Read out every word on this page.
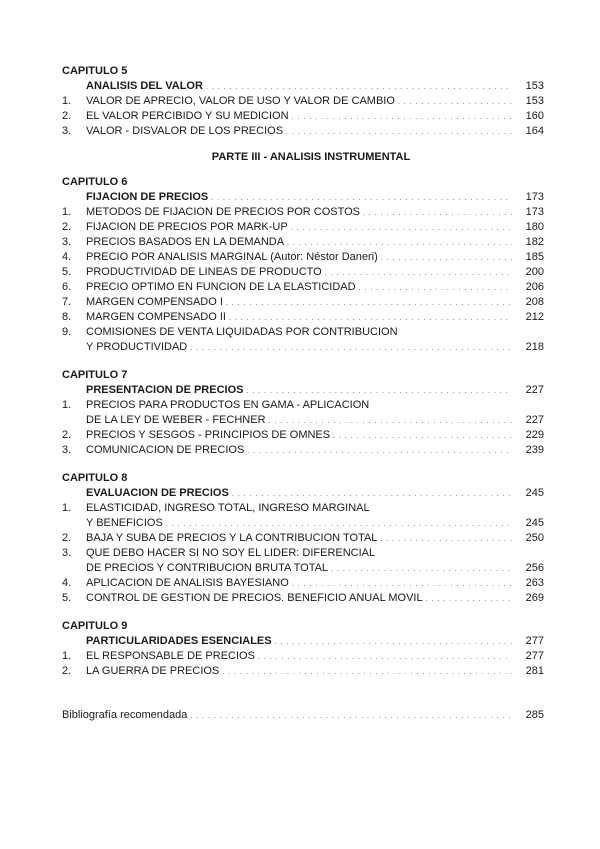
CAPITULO 5
ANALISIS DEL VALOR . . .	153
1.	VALOR DE APRECIO, VALOR DE USO Y VALOR DE CAMBIO . . .	153
2.	EL VALOR PERCIBIDO Y SU MEDICION . . .	160
3.	VALOR - DISVALOR DE LOS PRECIOS . . .	164
PARTE III - ANALISIS INSTRUMENTAL
CAPITULO 6
FIJACION DE PRECIOS . . .	173
1.	METODOS DE FIJACION DE PRECIOS POR COSTOS . . .	173
2.	FIJACION DE PRECIOS POR MARK-UP . . .	180
3.	PRECIOS BASADOS EN LA DEMANDA . . .	182
4.	PRECIO POR ANALISIS MARGINAL (Autor: Néstor Daneri) . . .	185
5.	PRODUCTIVIDAD DE LINEAS DE PRODUCTO . . .	200
6.	PRECIO OPTIMO EN FUNCION DE LA ELASTICIDAD . . .	206
7.	MARGEN COMPENSADO I . . .	208
8.	MARGEN COMPENSADO II . . .	212
9.	COMISIONES DE VENTA LIQUIDADAS POR CONTRIBUCION
Y PRODUCTIVIDAD . . .	218
CAPITULO 7
PRESENTACION DE PRECIOS . . .	227
1.	PRECIOS PARA PRODUCTOS EN GAMA - APLICACION
DE LA LEY DE WEBER - FECHNER . . .	227
2.	PRECIOS Y SESGOS - PRINCIPIOS DE OMNES . . .	229
3.	COMUNICACION DE PRECIOS . . .	239
CAPITULO 8
EVALUACION DE PRECIOS . . .	245
1.	ELASTICIDAD, INGRESO TOTAL, INGRESO MARGINAL
Y BENEFICIOS . . .	245
2.	BAJA Y SUBA DE PRECIOS Y LA CONTRIBUCION TOTAL . . .	250
3.	QUE DEBO HACER SI NO SOY EL LIDER: DIFERENCIAL
DE PRECIOS Y CONTRIBUCION BRUTA TOTAL . . .	256
4.	APLICACION DE ANALISIS BAYESIANO . . .	263
5.	CONTROL DE GESTION DE PRECIOS. BENEFICIO ANUAL MOVIL . . .	269
CAPITULO 9
PARTICULARIDADES ESENCIALES . . .	277
1.	EL RESPONSABLE DE PRECIOS . . .	277
2.	LA GUERRA DE PRECIOS . . .	281
Bibliografía recomendada . . .	285
